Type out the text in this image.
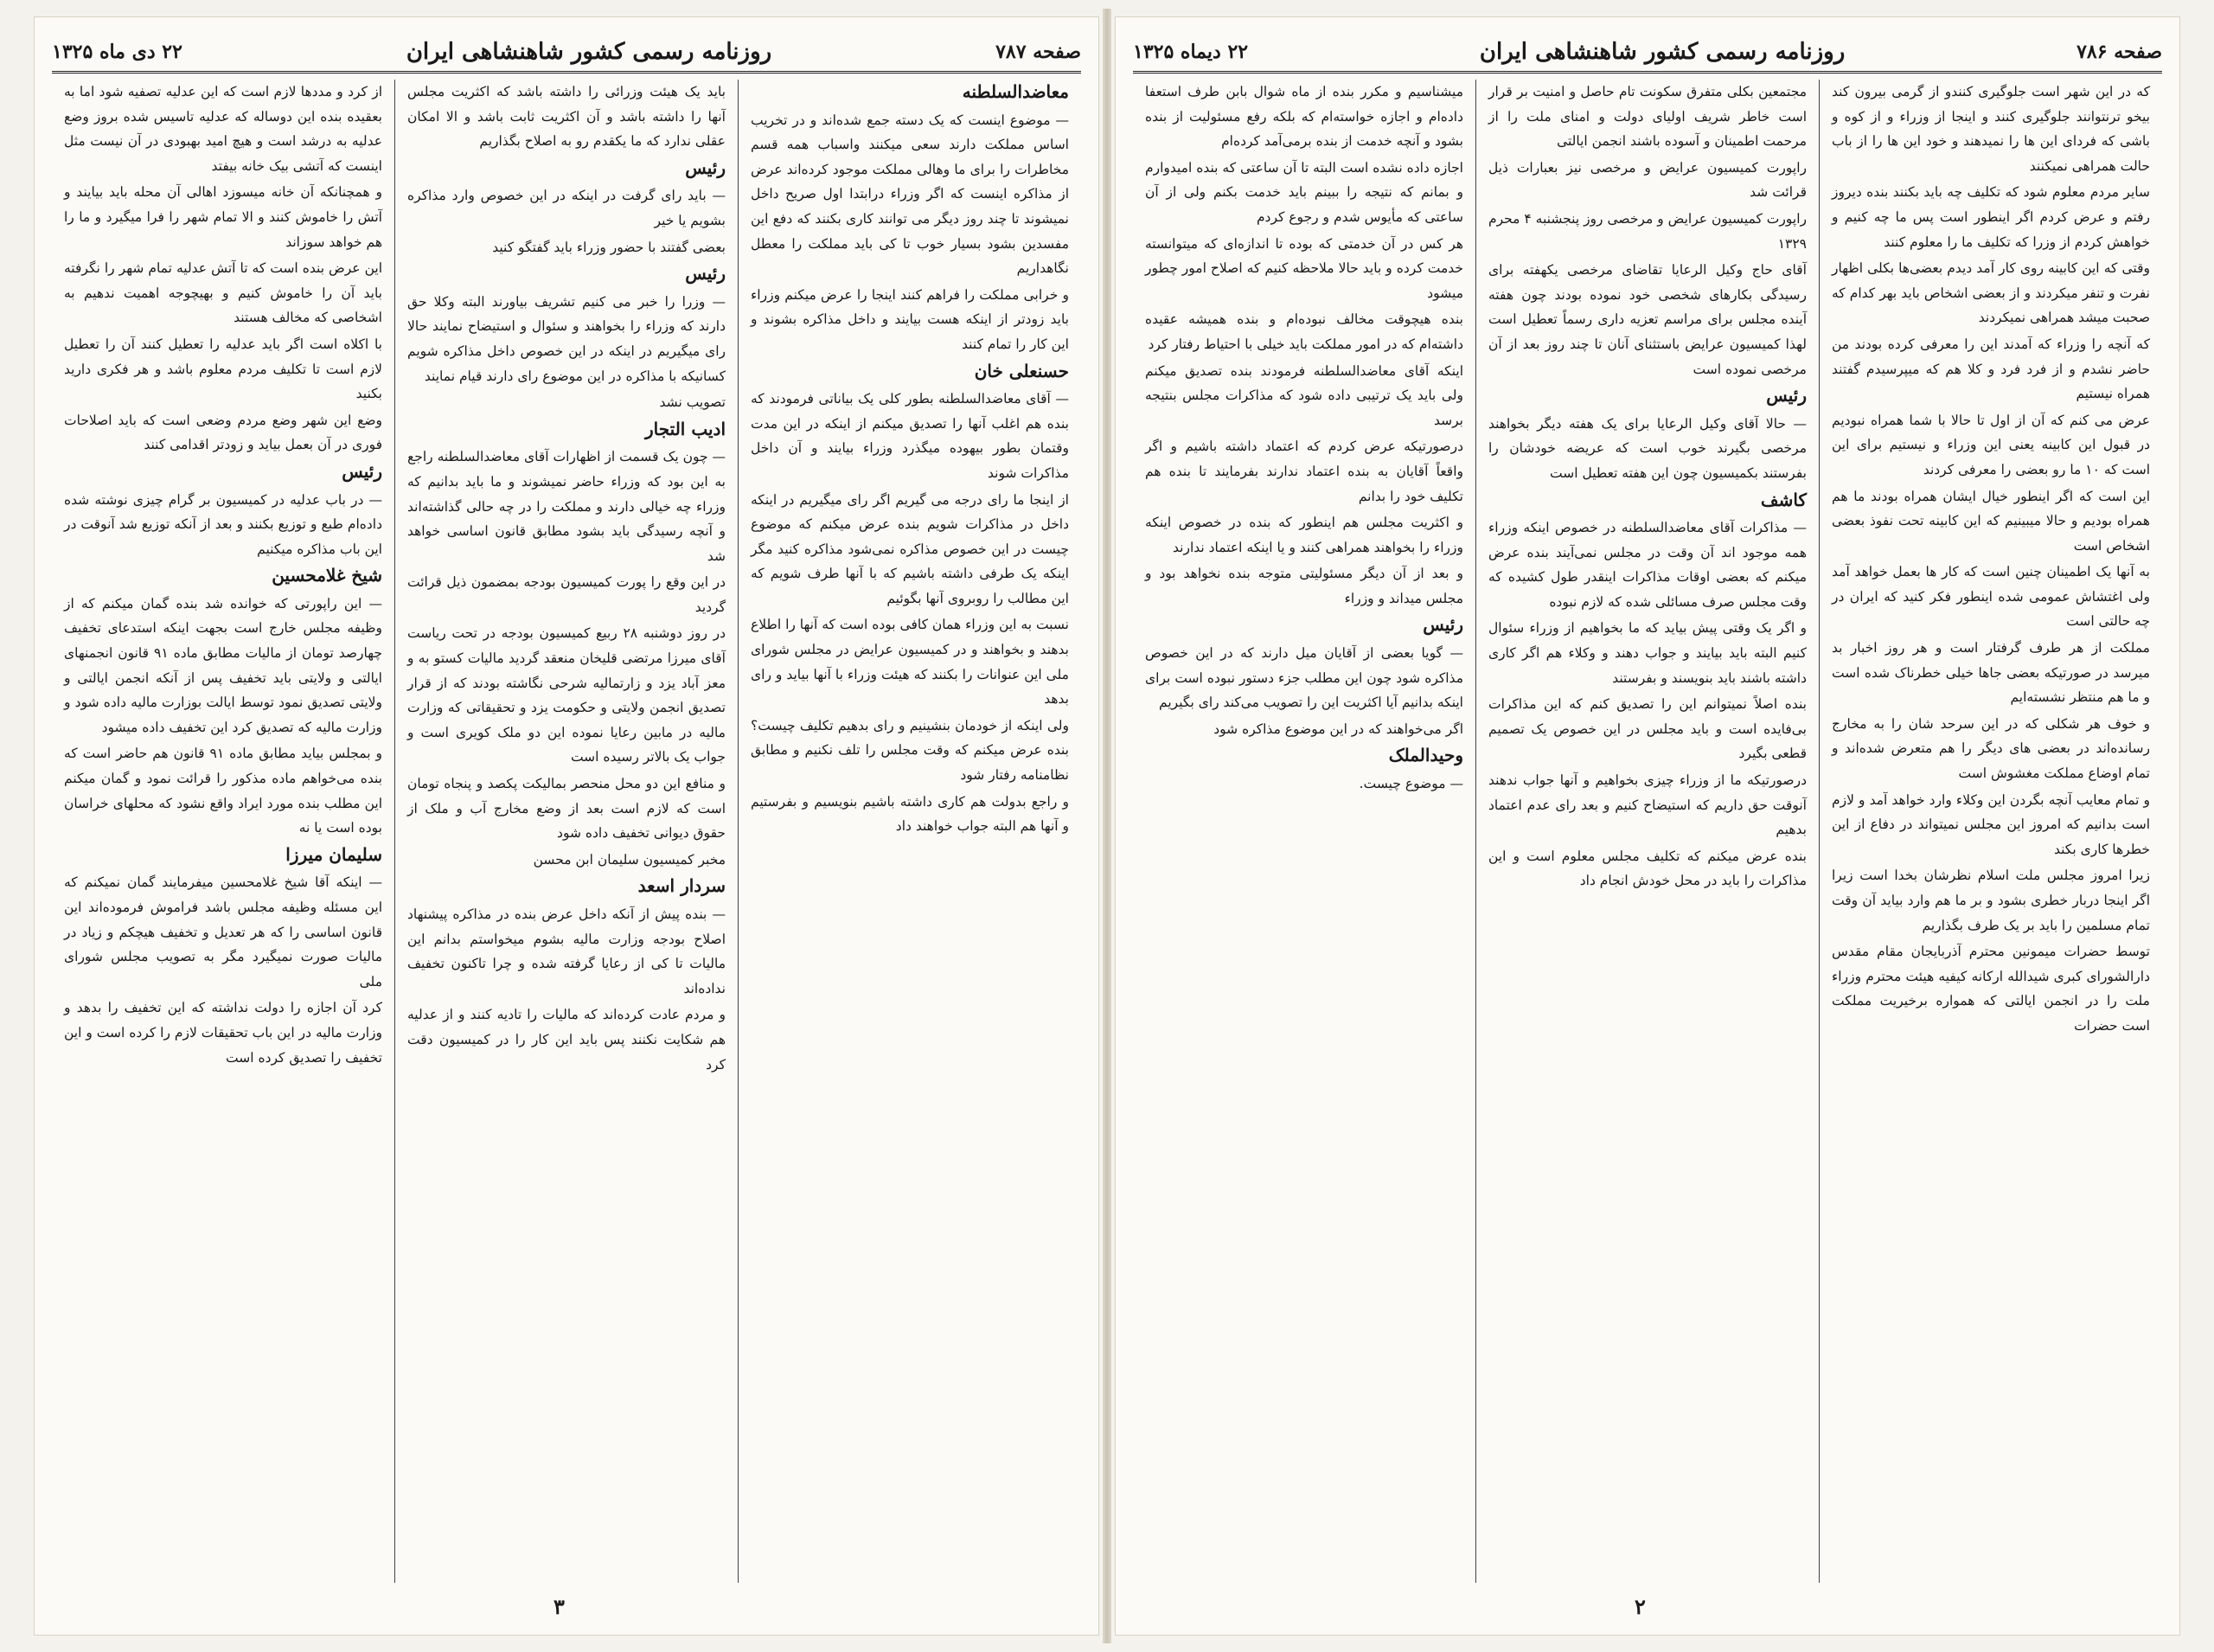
صفحه ۷۸۷
روزنامه رسمی کشور شاهنشاهی ایران
۲۲ دی ماه ۱۳۲۵

معاضدالسلطنه

— موضوع اینست که یک دسته جمع شده‌اند و در تخریب اساس مملکت دارند سعی میکنند واسباب همه قسم مخاطرات را برای ما وهالی مملکت موجود کرده‌اند عرض از مذاکره اینست که اگر وزراء درابتدا اول صریح داخل نمیشوند تا چند روز دیگر می توانند کاری بکنند که دفع این مفسدین بشود بسیار خوب تا کی باید مملکت را معطل نگاهداریم

و خرابی مملکت را فراهم کنند اینجا را عرض میکنم وزراء باید زودتر از اینکه هست بیایند و داخل مذاکره بشوند و این کار را تمام کنند

حسنعلی خان

— آقای معاضدالسلطنه بطور کلی یک بیاناتی فرمودند که بنده هم اغلب آنها را تصدیق میکنم از اینکه در این مدت وقتمان بطور بیهوده میگذرد وزراء بیایند و آن داخل مذاکرات شوند

از اینجا ما رای درجه می گیریم اگر رای میگیریم در اینکه داخل در مذاکرات شویم بنده عرض میکنم که موضوع چیست در این خصوص مذاکره نمی‌شود مذاکره کنید مگر اینکه یک طرفی داشته باشیم که با آنها طرف شویم که این مطالب را روبروی آنها بگوئیم

نسبت به این وزراء همان کافی بوده است که آنها را اطلاع بدهند و بخواهند و در کمیسیون عرایض در مجلس شورای ملی این عنوانات را بکنند که هیئت وزراء با آنها بیاید و رای بدهد

ولی اینکه از خودمان بنشینیم و رای بدهیم تکلیف چیست؟ بنده عرض میکنم که وقت مجلس را تلف نکنیم و مطابق نظامنامه رفتار شود

و راجع بدولت هم کاری داشته باشیم بنویسیم و بفرستیم و آنها هم البته جواب خواهند داد

باید یک هیئت وزرائی را داشته باشد که اکثریت مجلس آنها را داشته باشد و آن اکثریت ثابت باشد و الا امکان عقلی ندارد که ما یکقدم رو به اصلاح بگذاریم

رئیس

— باید رای گرفت در اینکه در این خصوص وارد مذاکره بشویم یا خیر

بعضی گفتند با حضور وزراء باید گفتگو کنید

رئیس

— وزرا را خبر می کنیم تشریف بیاورند البته وکلا حق دارند که وزراء را بخواهند و سئوال و استیضاح نمایند حالا رای میگیریم در اینکه در این خصوص داخل مذاکره شویم کسانیکه با مذاکره در این موضوع رای دارند قیام نمایند

تصویب نشد

ادیب التجار

— چون یک قسمت از اظهارات آقای معاضدالسلطنه راجع به این بود که وزراء حاضر نمیشوند و ما باید بدانیم که وزراء چه خیالی دارند و مملکت را در چه حالی گذاشته‌اند و آنچه رسیدگی باید بشود مطابق قانون اساسی خواهد شد

در این وقع را پورت کمیسیون بودجه بمضمون ذیل قرائت گردید

در روز دوشنبه ۲۸ ربیع کمیسیون بودجه در تحت ریاست آقای میرزا مرتضی قلیخان منعقد گردید مالیات کستو به و معز آباد یزد و زارتمالیه شرحی نگاشته بودند که از قرار تصدیق انجمن ولایتی و حکومت یزد و تحقیقاتی که وزارت مالیه در مابین رعایا نموده این دو ملک کویری است و جواب یک بالاتر رسیده است

و منافع این دو محل منحصر بمالیکت پکصد و پنجاه تومان است که لازم است بعد از وضع مخارج آب و ملک از حقوق دیوانی تخفیف داده شود

مخبر کمیسیون سلیمان ابن محسن

سردار اسعد

— بنده پیش از آنکه داخل عرض بنده در مذاکره پیشنهاد اصلاح بودجه وزارت مالیه بشوم میخواستم بدانم این مالیات تا کی از رعایا گرفته شده و چرا تاکنون تخفیف نداده‌اند

و مردم عادت کرده‌اند که مالیات را تادیه کنند و از عدلیه هم شکایت نکنند پس باید این کار را در کمیسیون دقت کرد

از کرد و مددها لازم است که این عدلیه تصفیه شود اما به بعقیده بنده این دوساله که عدلیه تاسیس شده بروز وضع عدلیه به درشد است و هیچ امید بهبودی در آن نیست مثل اینست که آتشی بیک خانه بیفتد

و همچنانکه آن خانه میسوزد اهالی آن محله باید بیایند و آتش را خاموش کنند و الا تمام شهر را فرا میگیرد و ما را هم خواهد سوزاند

این عرض بنده است که تا آتش عدلیه تمام شهر را نگرفته باید آن را خاموش کنیم و بهیچوجه اهمیت ندهیم به اشخاصی که مخالف هستند

با اکلاه است اگر باید عدلیه را تعطیل کنند آن را تعطیل لازم است تا تکلیف مردم معلوم باشد و هر فکری دارید بکنید

وضع این شهر وضع مردم وضعی است که باید اصلاحات فوری در آن بعمل بیاید و زودتر اقدامی کنند

رئیس

— در باب عدلیه در کمیسیون بر گرام چیزی نوشته شده داده‌ام طبع و توزیع بکنند و بعد از آنکه توزیع شد آنوقت در این باب مذاکره میکنیم

شیخ غلامحسین

— این راپورتی که خوانده شد بنده گمان میکنم که از وظیفه مجلس خارج است بجهت اینکه استدعای تخفیف چهارصد تومان از مالیات مطابق ماده ۹۱ قانون انجمنهای ایالتی و ولایتی باید تخفیف پس از آنکه انجمن ایالتی و ولایتی تصدیق نمود توسط ایالت بوزارت مالیه داده شود و وزارت مالیه که تصدیق کرد این تخفیف داده میشود

و بمجلس بیاید مطابق ماده ۹۱ قانون هم حاضر است که بنده می‌خواهم ماده مذکور را قرائت نمود و گمان میکنم این مطلب بنده مورد ایراد واقع نشود که محلهای خراسان بوده است یا نه

سلیمان میرزا

— اینکه آقا شیخ غلامحسین میفرمایند گمان نمیکنم که این مسئله وظیفه مجلس باشد فراموش فرموده‌اند این قانون اساسی را که هر تعدیل و تخفیف هیچکم و زیاد در مالیات صورت نمیگیرد مگر به تصویب مجلس شورای ملی

کرد آن اجازه را دولت نداشته که این تخفیف را بدهد و وزارت مالیه در این باب تحقیقات لازم را کرده است و این تخفیف را تصدیق کرده است

۳
صفحه ۷۸۶
روزنامه رسمی کشور شاهنشاهی ایران
۲۲ دیماه ۱۳۲۵

که در این شهر است جلوگیری کنندو از گرمی بیرون کند بیخو ترنتوانند جلوگیری کنند و اینجا از وزراء و از کوه و باشی که فردای این ها را نمیدهند و خود این ها را از باب حالت همراهی نمیکنند

سایر مردم معلوم شود که تکلیف چه باید بکنند بنده دیروز رفتم و عرض کردم اگر اینطور است پس ما چه کنیم و خواهش کردم از وزرا که تکلیف ما را معلوم کنند

وقتی که این کابینه روی کار آمد دیدم بعضی‌ها بکلی اظهار نفرت و تنفر میکردند و از بعضی اشخاص باید بهر کدام که صحبت میشد همراهی نمیکردند

که آنچه را وزراء که آمدند این را معرفی کرده بودند من حاضر نشدم و از فرد فرد و کلا هم که میپرسیدم گفتند همراه نیستیم

عرض می کنم که آن از اول تا حالا با شما همراه نبودیم در قبول این کابینه یعنی این وزراء و نیستیم برای این است که ۱۰ ما رو بعضی را معرفی کردند

این است که اگر اینطور خیال ایشان همراه بودند ما هم همراه بودیم و حالا میبینیم که این کابینه تحت نفوذ بعضی اشخاص است

به آنها یک اطمینان چنین است که کار ها بعمل خواهد آمد ولی اغتشاش عمومی شده اینطور فکر کنید که ایران در چه حالتی است

مملکت از هر طرف گرفتار است و هر روز اخبار بد میرسد در صورتیکه بعضی جاها خیلی خطرناک شده است و ما هم منتظر نشسته‌ایم

و خوف هر شکلی که در این سرحد شان را به مخارج رسانده‌اند در بعضی های دیگر را هم متعرض شده‌اند و تمام اوضاع مملکت مغشوش است

و تمام معایب آنچه بگردن این وکلاء وارد خواهد آمد و لازم است بدانیم که امروز این مجلس نمیتواند در دفاع از این خطرها کاری بکند

زیرا امروز مجلس ملت اسلام نظرشان بخدا است زیرا اگر اینجا دربار خطری بشود و بر ما هم وارد بیاید آن وقت تمام مسلمین را باید بر یک طرف بگذاریم

توسط حضرات میمونین محترم آذربایجان مقام مقدس دارالشورای کبری شیدالله ارکانه کیفیه هیئت محترم وزراء ملت را در انجمن ایالتی که همواره برخیریت مملکت است حضرات

مجتمعین بکلی متفرق سکونت تام حاصل و امنیت بر قرار است خاطر شریف اولیای دولت و امنای ملت را از مرحمت اطمینان و آسوده باشند انجمن ایالتی

راپورت کمیسیون عرایض و مرخصی نیز بعبارات ذیل قرائت شد

راپورت کمیسیون عرایض و مرخصی روز پنجشنبه ۴ محرم ۱۳۲۹

آقای حاج وکیل الرعایا تقاضای مرخصی یکهفته برای رسیدگی بکارهای شخصی خود نموده بودند چون هفته آینده مجلس برای مراسم تعزیه داری رسماً تعطیل است لهذا کمیسیون عرایض باستثنای آنان تا چند روز بعد از آن مرخصی نموده است

رئیس

— حالا آقای وکیل الرعایا برای یک هفته دیگر بخواهند مرخصی بگیرند خوب است که عریضه خودشان را بفرستند بکمیسیون چون این هفته تعطیل است

کاشف

— مذاکرات آقای معاضدالسلطنه در خصوص اینکه وزراء همه موجود اند آن وقت در مجلس نمی‌آیند بنده عرض میکنم که بعضی اوقات مذاکرات اینقدر طول کشیده که وقت مجلس صرف مسائلی شده که لازم نبوده

و اگر یک وقتی پیش بیاید که ما بخواهیم از وزراء سئوال کنیم البته باید بیایند و جواب دهند و وکلاء هم اگر کاری داشته باشند باید بنویسند و بفرستند

بنده اصلاً نمیتوانم این را تصدیق کنم که این مذاکرات بی‌فایده است و باید مجلس در این خصوص یک تصمیم قطعی بگیرد

درصورتیکه ما از وزراء چیزی بخواهیم و آنها جواب ندهند آنوقت حق داریم که استیضاح کنیم و بعد رای عدم اعتماد بدهیم

بنده عرض میکنم که تکلیف مجلس معلوم است و این مذاکرات را باید در محل خودش انجام داد

میشناسیم و مکرر بنده از ماه شوال بابن طرف استعفا داده‌ام و اجازه خواسته‌ام که بلکه رفع مسئولیت از بنده بشود و آنچه خدمت از بنده برمی‌آمد کرده‌ام

اجازه داده نشده است البته تا آن ساعتی که بنده امیدوارم و بمانم که نتیجه را ببینم باید خدمت بکنم ولی از آن ساعتی که مأیوس شدم و رجوع کردم

هر کس در آن خدمتی که بوده تا اندازه‌ای که میتوانسته خدمت کرده و باید حالا ملاحظه کنیم که اصلاح امور چطور میشود

بنده هیچوقت مخالف نبوده‌ام و بنده همیشه عقیده داشته‌ام که در امور مملکت باید خیلی با احتیاط رفتار کرد

اینکه آقای معاضدالسلطنه فرمودند بنده تصدیق میکنم ولی باید یک ترتیبی داده شود که مذاکرات مجلس بنتیجه برسد

درصورتیکه عرض کردم که اعتماد داشته باشیم و اگر واقعاً آقایان به بنده اعتماد ندارند بفرمایند تا بنده هم تکلیف خود را بدانم

و اکثریت مجلس هم اینطور که بنده در خصوص اینکه وزراء را بخواهند همراهی کنند و یا اینکه اعتماد ندارند

و بعد از آن دیگر مسئولیتی متوجه بنده نخواهد بود و مجلس میداند و وزراء

رئیس

— گویا بعضی از آقایان میل دارند که در این خصوص مذاکره شود چون این مطلب جزء دستور نبوده است برای اینکه بدانیم آیا اکثریت این را تصویب می‌کند رای بگیریم

اگر می‌خواهند که در این موضوع مذاکره شود

وحیدالملک

— موضوع چیست.

۲
